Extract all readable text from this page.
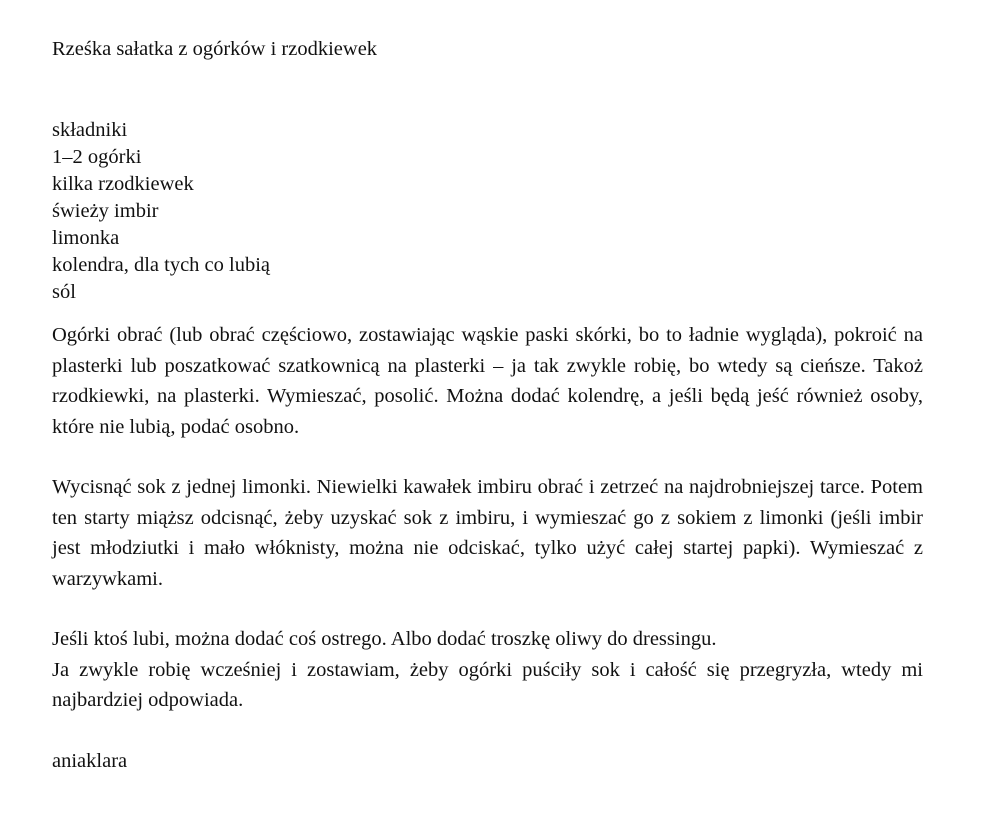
Rześka sałatka z ogórków i rzodkiewek
składniki
1–2 ogórki
kilka rzodkiewek
świeży imbir
limonka
kolendra, dla tych co lubią
sól

Ogórki obrać (lub obrać częściowo, zostawiając wąskie paski skórki, bo to ładnie wygląda), pokroić na plasterki lub poszatkować szatkownicą na plasterki – ja tak zwykle robię, bo wtedy są cieńsze. Takoż rzodkiewki, na plasterki. Wymieszać, posolić. Można dodać kolendrę, a jeśli będą jeść również osoby, które nie lubią, podać osobno.

Wycisnąć sok z jednej limonki. Niewielki kawałek imbiru obrać i zetrzeć na najdrobniejszej tarce. Potem ten starty miąższ odcisnąć, żeby uzyskać sok z imbiru, i wymieszać go z sokiem z limonki (jeśli imbir jest młodziutki i mało włóknisty, można nie odciskać, tylko użyć całej startej papki). Wymieszać z warzywkami.

Jeśli ktoś lubi, można dodać coś ostrego. Albo dodać troszkę oliwy do dressingu.

Ja zwykle robię wcześniej i zostawiam, żeby ogórki puściły sok i całość się przegryzła, wtedy mi najbardziej odpowiada.

aniaklara
